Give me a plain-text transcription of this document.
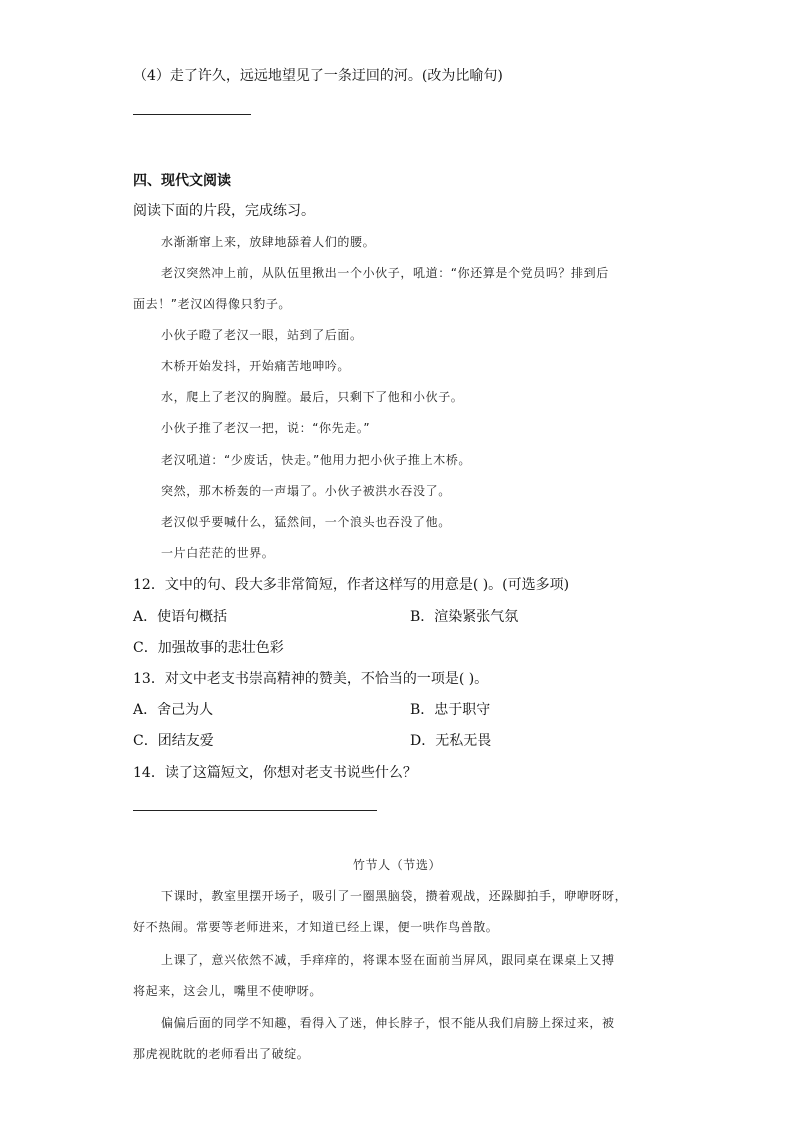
（4）走了许久，远远地望见了一条迂回的河。(改为比喻句)
四、现代文阅读
阅读下面的片段，完成练习。
水渐渐窜上来，放肆地舔着人们的腰。
老汉突然冲上前，从队伍里揪出一个小伙子，吼道：“你还算是个党员吗？排到后
面去！”老汉凶得像只豹子。
小伙子瞪了老汉一眼，站到了后面。
木桥开始发抖，开始痛苦地呻吟。
水，爬上了老汉的胸膛。最后，只剩下了他和小伙子。
小伙子推了老汉一把，说：“你先走。”
老汉吼道：“少废话，快走。”他用力把小伙子推上木桥。
突然，那木桥轰的一声塌了。小伙子被洪水吞没了。
老汉似乎要喊什么，猛然间，一个浪头也吞没了他。
一片白茫茫的世界。
12．文中的句、段大多非常简短，作者这样写的用意是( )。(可选多项)
A．使语句概括	B．渲染紧张气氛
C．加强故事的悲壮色彩
13．对文中老支书崇高精神的赞美，不恰当的一项是( )。
A．舍己为人	B．忠于职守
C．团结友爱	D．无私无畏
14．读了这篇短文，你想对老支书说些什么？
竹节人（节选）
下课时，教室里摆开场子，吸引了一圈黑脑袋，攒着观战，还跺脚拍手，咿咿呀呀，
好不热闹。常要等老师进来，才知道已经上课，便一哄作鸟兽散。
上课了，意兴依然不减，手痒痒的，将课本竖在面前当屏风，跟同桌在课桌上又搏
将起来，这会儿，嘴里不使咿呀。
偏偏后面的同学不知趣，看得入了迷，伸长脖子，恨不能从我们肩膀上探过来，被
那虎视眈眈的老师看出了破绽。
